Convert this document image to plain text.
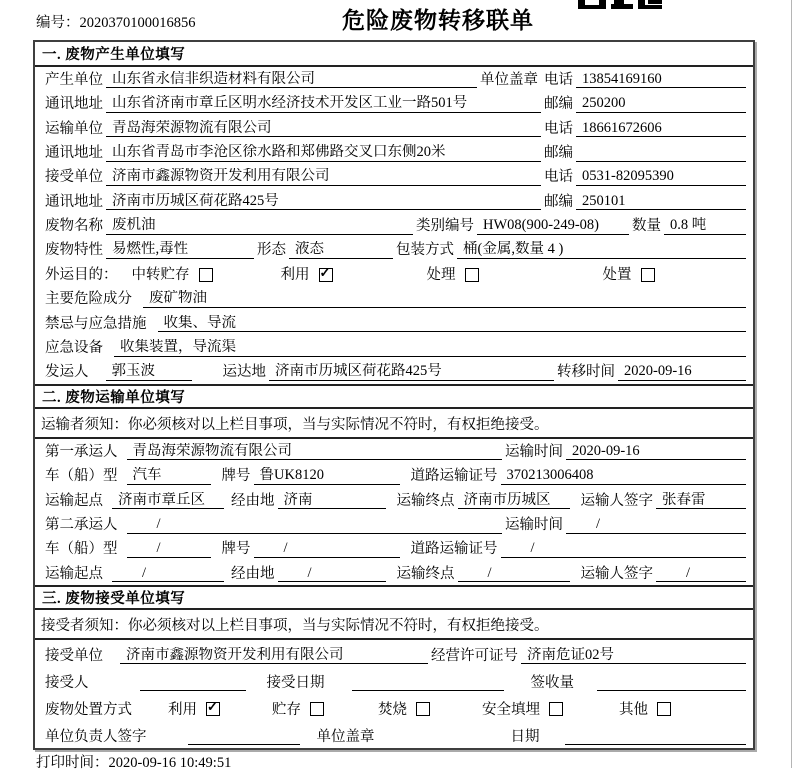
编号：2020370100016856	危险废物转移联单
一. 废物产生单位填写
产生单位 山东省永信非织造材料有限公司	单位盖章 电话 13854169160
通讯地址 山东省济南市章丘区明水经济技术开发区工业一路501号	邮编 250200
运输单位 青岛海荣源物流有限公司	电话 18661672606
通讯地址 山东省青岛市李沧区徐水路和郑佛路交叉口东侧20米	邮编
接受单位 济南市鑫源物资开发利用有限公司	电话 0531-82095390
通讯地址 济南市历城区荷花路425号	邮编 250101
废物名称 废机油	类别编号 HW08(900-249-08)	数量 0.8 吨
废物特性 易燃性,毒性	形态 液态	包装方式 桶(金属,数量 4 )
外运目的： 中转贮存	利用 ✓	处理	处置
主要危险成分	废矿物油
禁忌与应急措施	收集、导流
应急设备	收集装置，导流渠
发运人	郭玉波	运达地 济南市历城区荷花路425号	转移时间 2020-09-16
二. 废物运输单位填写
运输者须知：你必须核对以上栏目事项，当与实际情况不符时，有权拒绝接受。
第一承运人	青岛海荣源物流有限公司	运输时间 2020-09-16
车（船）型	汽车	牌号 鲁UK8120	道路运输证号 370213006408
运输起点	济南市章丘区	经由地 济南	运输终点 济南市历城区	运输人签字 张春雷
第二承运人	/	运输时间	/
车（船）型	/	牌号	/	道路运输证号	/
运输起点	/	经由地	/	运输终点	/	运输人签字	/
三. 废物接受单位填写
接受者须知：你必须核对以上栏目事项，当与实际情况不符时，有权拒绝接受。
接受单位	济南市鑫源物资开发利用有限公司	经营许可证号 济南危证02号
接受人	接受日期	签收量
废物处置方式 利用 ✓	贮存	焚烧	安全填埋	其他
单位负责人签字	单位盖章	日期
打印时间：2020-09-16 10:49:51
